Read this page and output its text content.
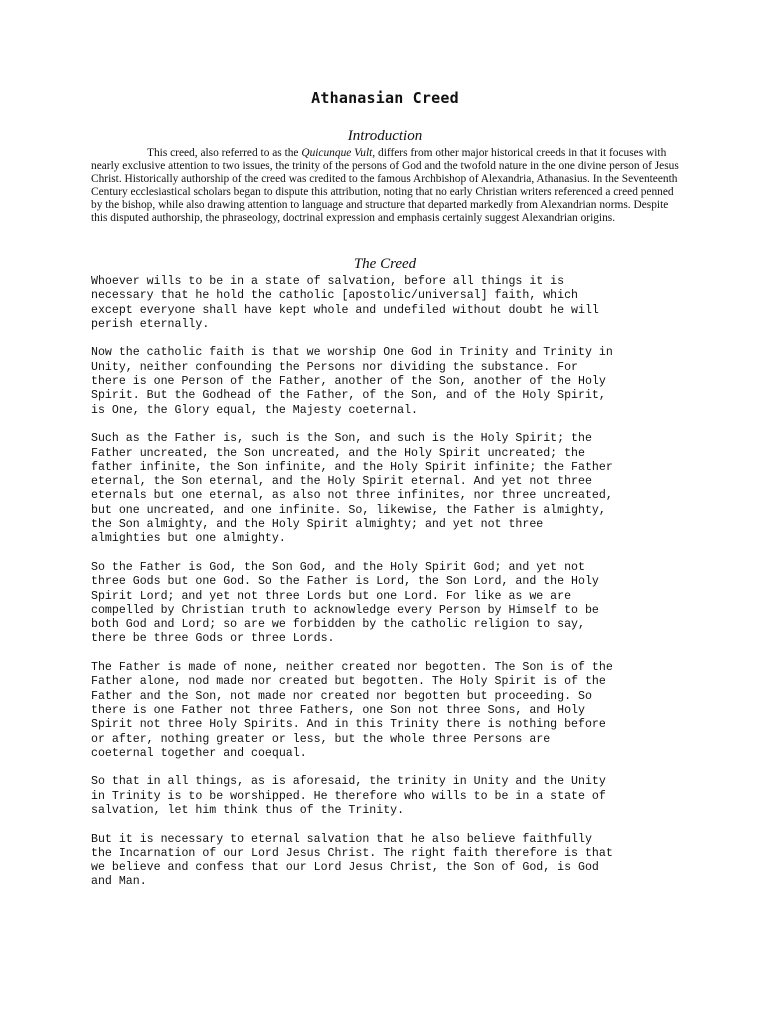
Athanasian Creed
Introduction
This creed, also referred to as the Quicunque Vult, differs from other major historical creeds in that it focuses with nearly exclusive attention to two issues, the trinity of the persons of God and the twofold nature in the one divine person of Jesus Christ. Historically authorship of the creed was credited to the famous Archbishop of Alexandria, Athanasius. In the Seventeenth Century ecclesiastical scholars began to dispute this attribution, noting that no early Christian writers referenced a creed penned by the bishop, while also drawing attention to language and structure that departed markedly from Alexandrian norms. Despite this disputed authorship, the phraseology, doctrinal expression and emphasis certainly suggest Alexandrian origins.
The Creed

Whoever wills to be in a state of salvation, before all things it is
necessary that he hold the catholic [apostolic/universal] faith, which
except everyone shall have kept whole and undefiled without doubt he will
perish eternally.

Now the catholic faith is that we worship One God in Trinity and Trinity in
Unity, neither confounding the Persons nor dividing the substance. For
there is one Person of the Father, another of the Son, another of the Holy
Spirit. But the Godhead of the Father, of the Son, and of the Holy Spirit,
is One, the Glory equal, the Majesty coeternal.

Such as the Father is, such is the Son, and such is the Holy Spirit; the
Father uncreated, the Son uncreated, and the Holy Spirit uncreated; the
father infinite, the Son infinite, and the Holy Spirit infinite; the Father
eternal, the Son eternal, and the Holy Spirit eternal. And yet not three
eternals but one eternal, as also not three infinites, nor three uncreated,
but one uncreated, and one infinite. So, likewise, the Father is almighty,
the Son almighty, and the Holy Spirit almighty; and yet not three
almighties but one almighty.

So the Father is God, the Son God, and the Holy Spirit God; and yet not
three Gods but one God. So the Father is Lord, the Son Lord, and the Holy
Spirit Lord; and yet not three Lords but one Lord. For like as we are
compelled by Christian truth to acknowledge every Person by Himself to be
both God and Lord; so are we forbidden by the catholic religion to say,
there be three Gods or three Lords.

The Father is made of none, neither created nor begotten. The Son is of the
Father alone, nod made nor created but begotten. The Holy Spirit is of the
Father and the Son, not made nor created nor begotten but proceeding. So
there is one Father not three Fathers, one Son not three Sons, and Holy
Spirit not three Holy Spirits. And in this Trinity there is nothing before
or after, nothing greater or less, but the whole three Persons are
coeternal together and coequal.

So that in all things, as is aforesaid, the trinity in Unity and the Unity
in Trinity is to be worshipped. He therefore who wills to be in a state of
salvation, let him think thus of the Trinity.

But it is necessary to eternal salvation that he also believe faithfully
the Incarnation of our Lord Jesus Christ. The right faith therefore is that
we believe and confess that our Lord Jesus Christ, the Son of God, is God
and Man.
